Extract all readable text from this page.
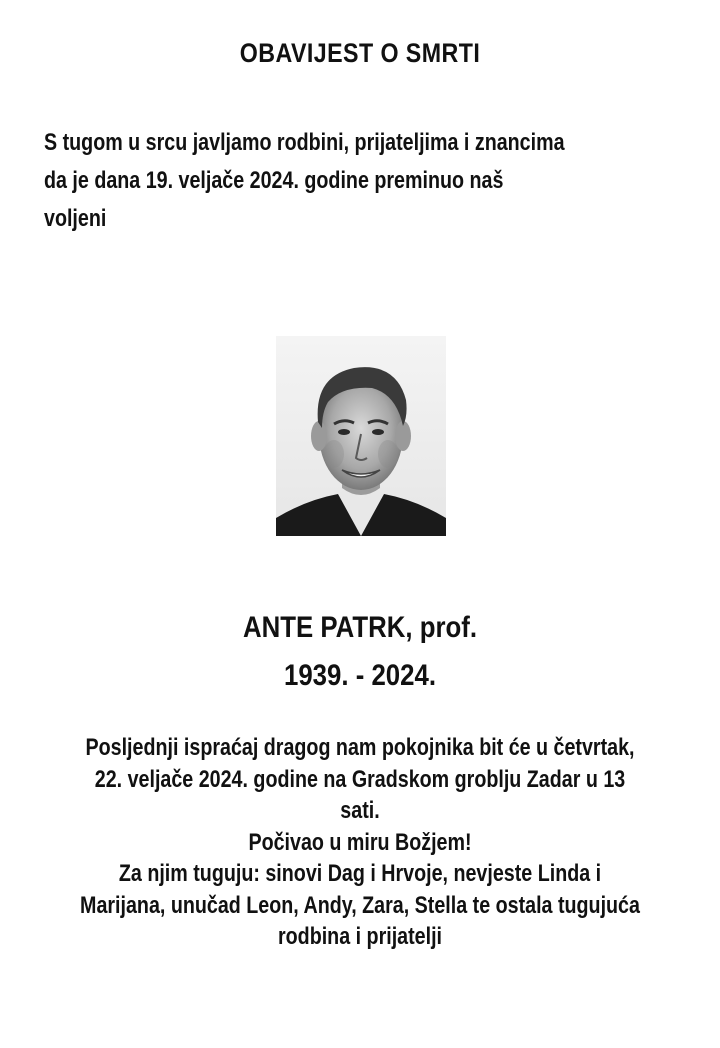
OBAVIJEST O SMRTI
S tugom u srcu javljamo rodbini, prijateljima i znancima
da je dana 19. veljače 2024. godine preminuo naš
voljeni
ANTE PATRK, prof.
1939. - 2024.
Posljednji ispraćaj dragog nam pokojnika bit će u četvrtak,
22. veljače 2024. godine na Gradskom groblju Zadar u 13
sati.
Počivao u miru Božjem!
Za njim tuguju: sinovi Dag i Hrvoje, nevjeste Linda i
Marijana, unučad Leon, Andy, Zara, Stella te ostala tugujuća
rodbina i prijatelji
